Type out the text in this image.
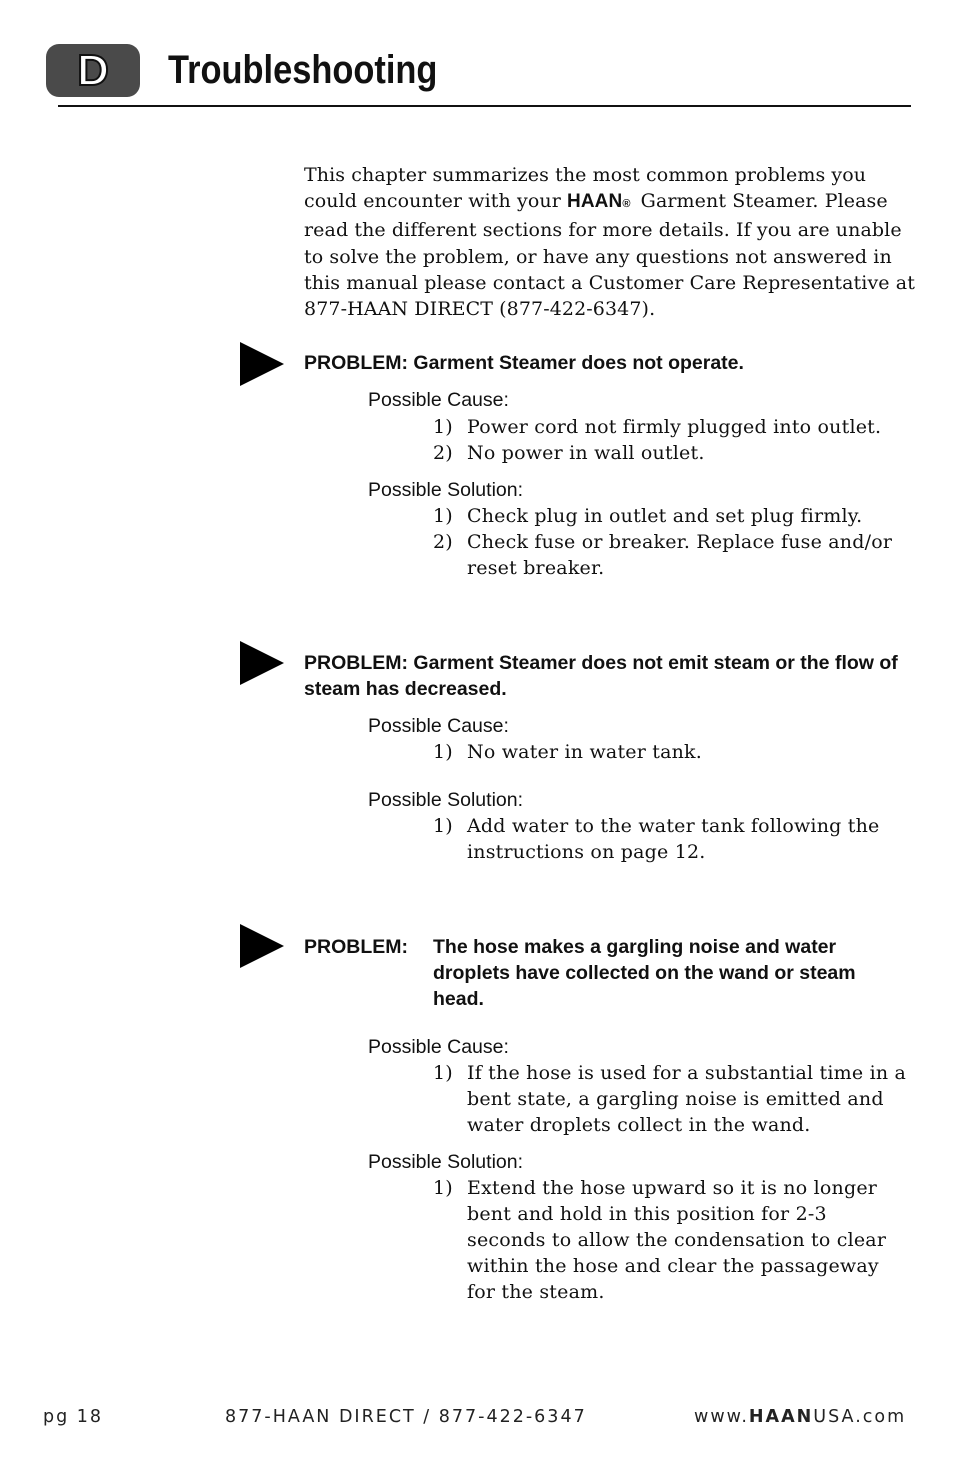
D Troubleshooting
This chapter summarizes the most common problems you could encounter with your HAAN® Garment Steamer. Please read the different sections for more details. If you are unable to solve the problem, or have any questions not answered in this manual please contact a Customer Care Representative at 877-HAAN DIRECT (877-422-6347).
PROBLEM: Garment Steamer does not operate.
Possible Cause:
1) Power cord not firmly plugged into outlet.
2) No power in wall outlet.
Possible Solution:
1) Check plug in outlet and set plug firmly.
2) Check fuse or breaker. Replace fuse and/or reset breaker.
PROBLEM: Garment Steamer does not emit steam or the flow of steam has decreased.
Possible Cause:
1) No water in water tank.
Possible Solution:
1) Add water to the water tank following the instructions on page 12.
PROBLEM: The hose makes a gargling noise and water droplets have collected on the wand or steam head.
Possible Cause:
1) If the hose is used for a substantial time in a bent state, a gargling noise is emitted and water droplets collect in the wand.
Possible Solution:
1) Extend the hose upward so it is no longer bent and hold in this position for 2-3 seconds to allow the condensation to clear within the hose and clear the passageway for the steam.
pg 18	877-HAAN DIRECT / 877-422-6347	www.HAANUSA.com
